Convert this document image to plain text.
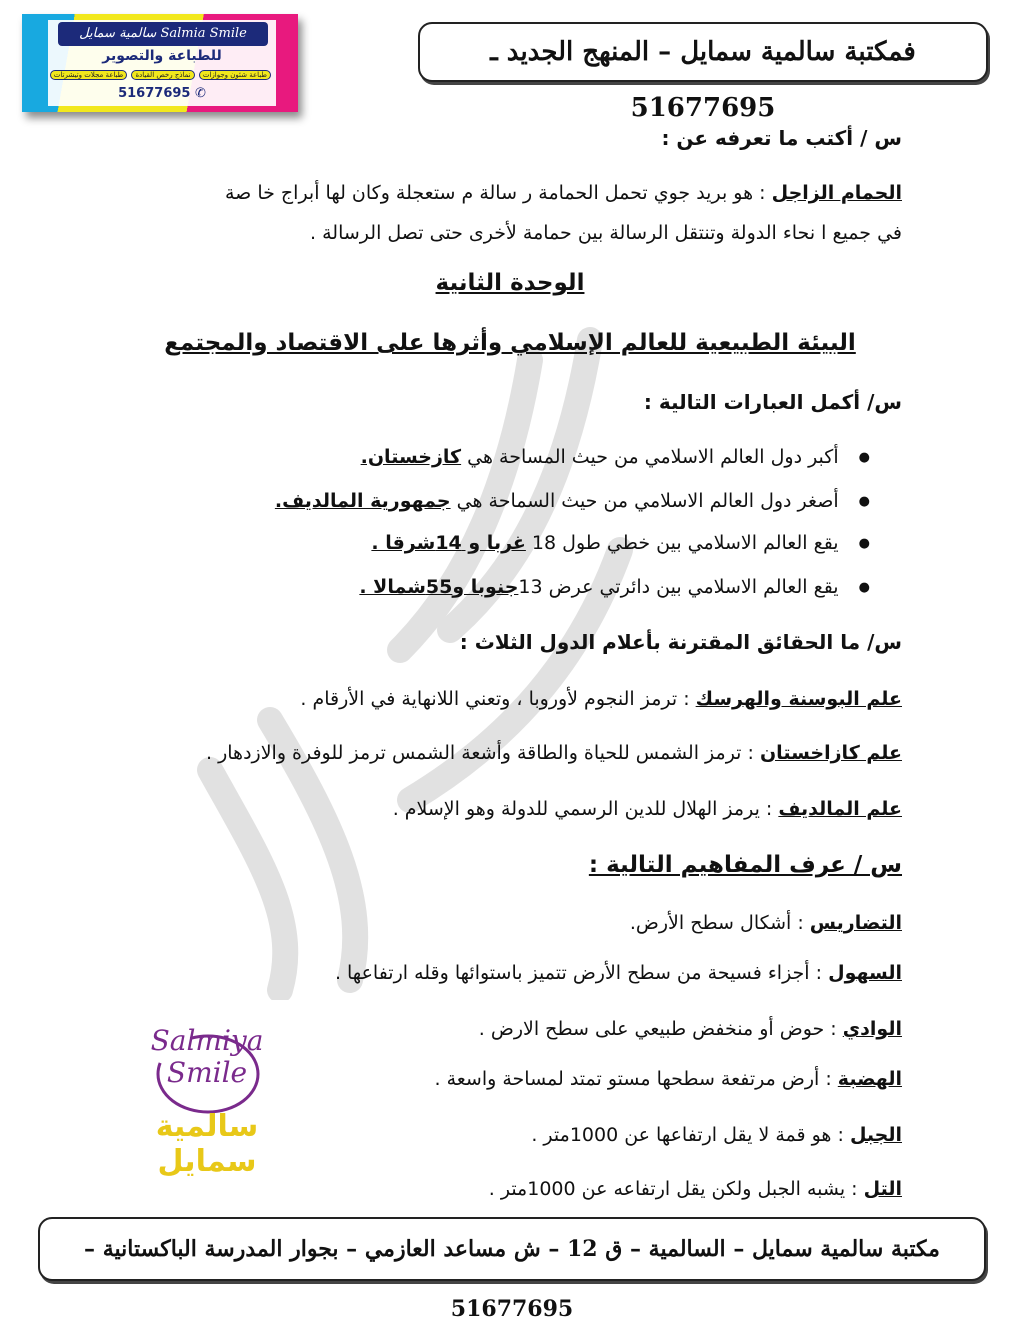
Salmia Smile سالمية سمايل
للطباعة والتصوير
طباعة شئون وجوازات نماذج رخص القيادة طباعة مجلات وتيشرتات
✆ 51677695
فمكتبة سالمية سمايل – المنهج الجديد ـ 51677695
س / أكتب ما تعرفه عن :
الحمام الزاجل : هو بريد جوي تحمل الحمامة ر سالة م ستعجلة وكان لها أبراج خا صة
في جميع ا نحاء الدولة وتنتقل الرسالة بين حمامة لأخرى حتى تصل الرسالة .
الوحدة الثانية
البيئة الطبيعية للعالم الإسلامي وأثرها على الاقتصاد والمجتمع
س/ أكمل العبارات التالية :
● أكبر دول العالم الاسلامي من حيث المساحة هي كازخستان.
● أصغر دول العالم الاسلامي من حيث السماحة هي جمهورية المالديف.
● يقع العالم الاسلامي بين خطي طول 18 غربا و 14شرقا .
● يقع العالم الاسلامي بين دائرتي عرض 13جنوبا و55شمالا .
س/ ما الحقائق المقترنة بأعلام الدول الثلاث :
علم البوسنة والهرسك : ترمز النجوم لأوروبا ، وتعني اللانهاية في الأرقام .
علم كازاخستان : ترمز الشمس للحياة والطاقة وأشعة الشمس ترمز للوفرة والازدهار .
علم المالديف : يرمز الهلال للدين الرسمي للدولة وهو الإسلام .
س / عرف المفاهيم التالية :
التضاريس : أشكال سطح الأرض.
السهول : أجزاء فسيحة من سطح الأرض تتميز باستوائها وقله ارتفاعها .
الوادي : حوض أو منخفض طبيعي على سطح الارض .
الهضبة : أرض مرتفعة سطحها مستو تمتد لمساحة واسعة .
الجبل : هو قمة لا يقل ارتفاعها عن 1000متر .
التل : يشبه الجبل ولكن يقل ارتفاعه عن 1000متر .
Salmiya Smile
سالمية سمايل
مكتبة سالمية سمايل – السالمية – ق 12 – ش مساعد العازمي – بجوار المدرسة الباكستانية – 51677695
